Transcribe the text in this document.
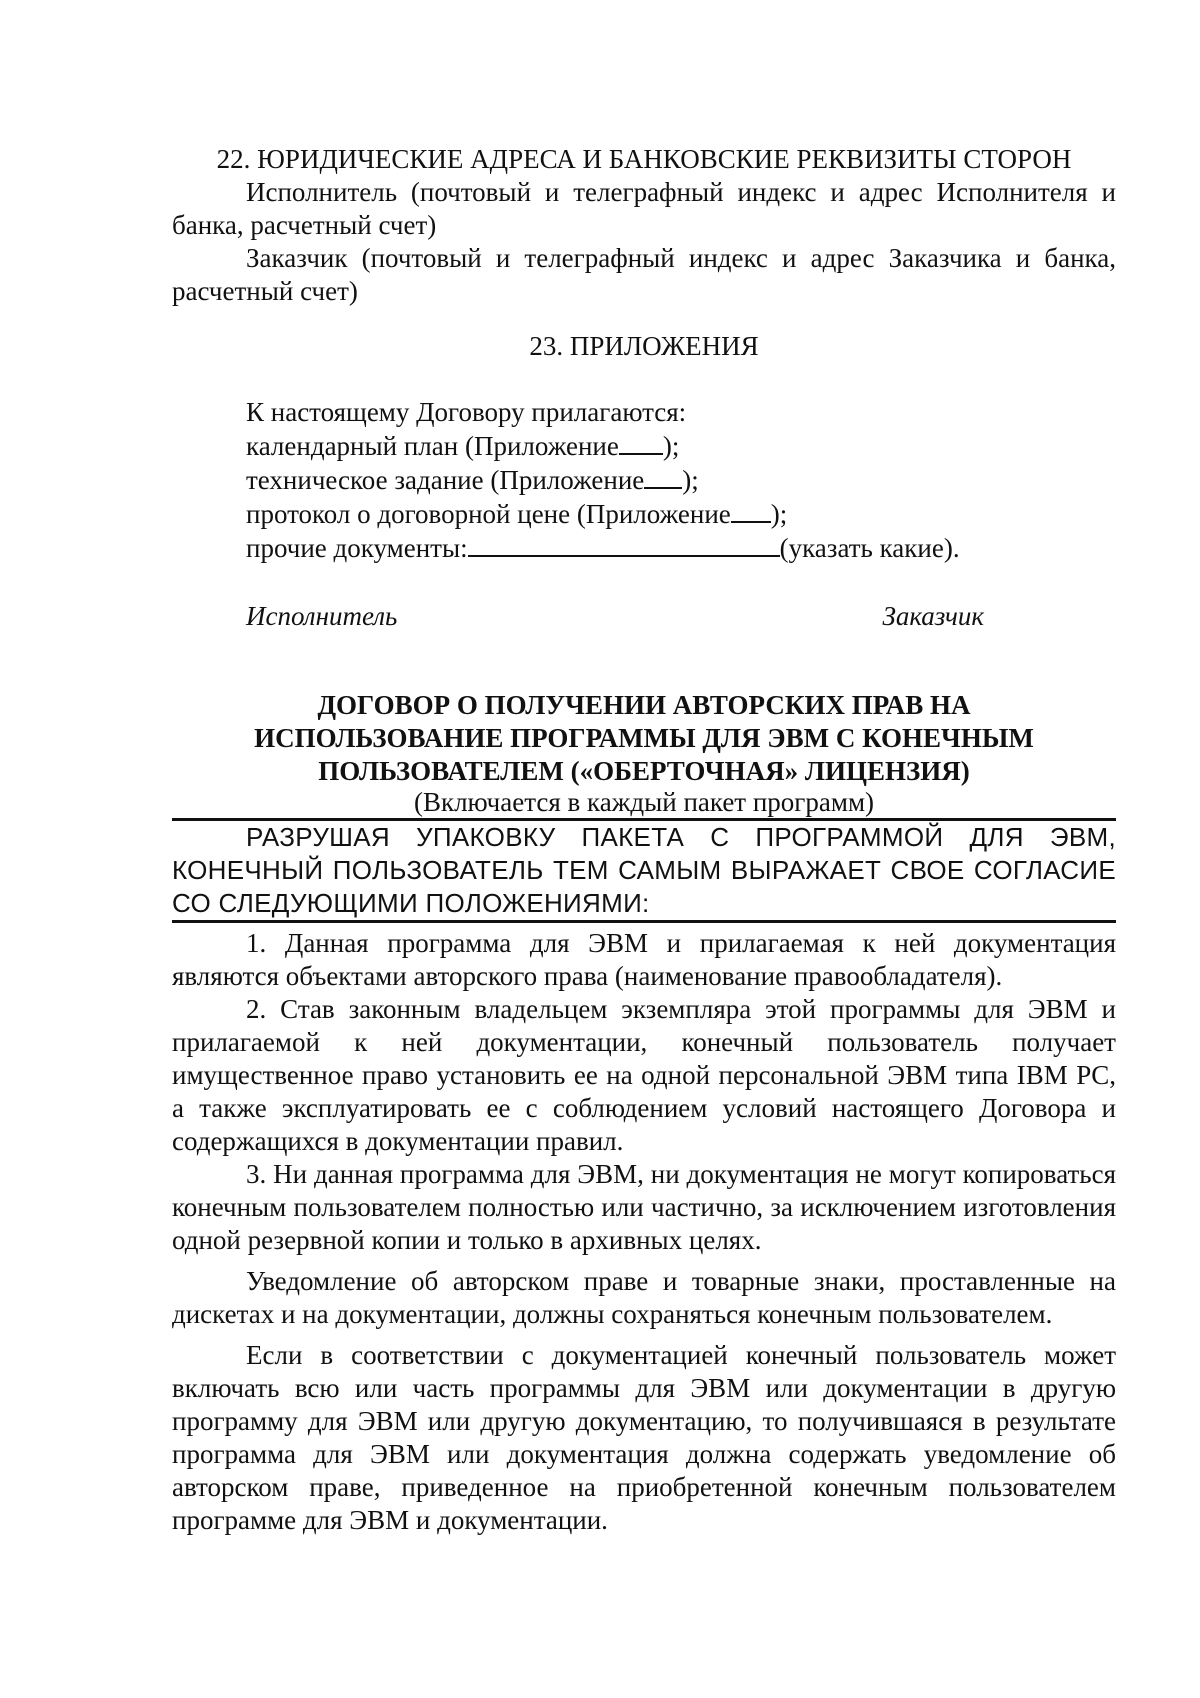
22. ЮРИДИЧЕСКИЕ АДРЕСА И БАНКОВСКИЕ РЕКВИЗИТЫ СТОРОН

Исполнитель (почтовый и телеграфный индекс и адрес Исполнителя и банка, расчетный счет)

Заказчик (почтовый и телеграфный индекс и адрес Заказчика и банка, расчетный счет)

23. ПРИЛОЖЕНИЯ
К настоящему Договору прилагаются:
календарный план (Приложение );
техническое задание (Приложение );
протокол о договорной цене (Приложение );
прочие документы:	(указать какие).
Исполнитель	Заказчик
ДОГОВОР О ПОЛУЧЕНИИ АВТОРСКИХ ПРАВ НА
ИСПОЛЬЗОВАНИЕ ПРОГРАММЫ ДЛЯ ЭВМ С КОНЕЧНЫМ
ПОЛЬЗОВАТЕЛЕМ («ОБЕРТОЧНАЯ» ЛИЦЕНЗИЯ)
(Включается в каждый пакет программ)

РАЗРУШАЯ УПАКОВКУ ПАКЕТА С ПРОГРАММОЙ ДЛЯ ЭВМ, КОНЕЧНЫЙ ПОЛЬЗОВАТЕЛЬ ТЕМ САМЫМ ВЫРАЖАЕТ СВОЕ СОГЛАСИЕ СО СЛЕДУЮЩИМИ ПОЛОЖЕНИЯМИ:

1. Данная программа для ЭВМ и прилагаемая к ней документация являются объектами авторского права (наименование правообладателя).

2. Став законным владельцем экземпляра этой программы для ЭВМ и прилагаемой к ней документации, конечный пользователь получает имущественное право установить ее на одной персональной ЭВМ типа IBM PC, а также эксплуатировать ее с соблюдением условий настоящего Договора и содержащихся в документации правил.

3. Ни данная программа для ЭВМ, ни документация не могут копироваться конечным пользователем полностью или частично, за исключением изготовления одной резервной копии и только в архивных целях.

Уведомление об авторском праве и товарные знаки, проставленные на дискетах и на документации, должны сохраняться конечным пользователем.

Если в соответствии с документацией конечный пользователь может включать всю или часть программы для ЭВМ или документации в другую программу для ЭВМ или другую документацию, то получившаяся в результате программа для ЭВМ или документация должна содержать уведомление об авторском праве, приведенное на приобретенной конечным пользователем программе для ЭВМ и документации.
